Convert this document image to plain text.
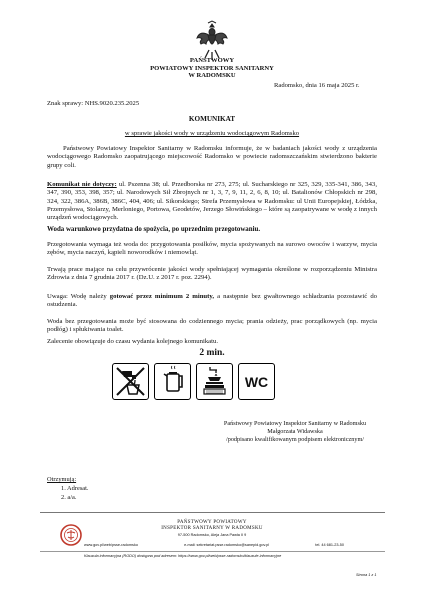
PAŃSTWOWY
POWIATOWY INSPEKTOR SANITARNY
W RADOMSKU
Radomsko, dnia 16 maja 2025 r.
Znak sprawy: NHS.9020.235.2025
KOMUNIKAT
w sprawie jakości wody w urządzeniu wodociągowym Radomsko
Państwowy Powiatowy Inspektor Sanitarny w Radomsku informuje, że w badaniach jakości wody z urządzenia wodociągowego Radomsko zaopatrującego miejscowość Radomsko w powiecie radomszczańskim stwierdzono bakterie grupy coli.
Komunikat nie dotyczy: ul. Pszenna 38; ul. Przedborska nr 273, 275; ul. Sucharskiego nr 325, 329, 335-341, 386, 343, 347, 390, 353, 398, 357; ul. Narodowych Sił Zbrojnych nr 1, 3, 7, 9, 11, 2, 6, 8, 10; ul. Batalionów Chłopskich nr 298, 324, 322, 386A, 386B, 386C, 404, 406; ul. Sikorskiego; Strefa Przemysłowa w Radomsku: ul Unii Europejskiej, Łódzka, Przemysłowa, Stolarzy, Merloniego, Portowa, Geodetów, Jerzego Słowińskiego – które są zaopatrywane w wodę z innych urządzeń wodociągowych.
Woda warunkowo przydatna do spożycia, po uprzednim przegotowaniu.
Przegotowania wymaga też woda do: przygotowania posiłków, mycia spożywanych na surowo owoców i warzyw, mycia zębów, mycia naczyń, kąpieli noworodków i niemowląt.
Trwają prace mające na celu przywrócenie jakości wody spełniającej wymagania określone w rozporządzeniu Ministra Zdrowia z dnia 7 grudnia 2017 r. (Dz.U. z 2017 r. poz. 2294).
Uwaga: Wodę należy gotować przez minimum 2 minuty, a następnie bez gwałtownego schładzania pozostawić do ostudzenia.
Woda bez przegotowania może być stosowana do codziennego mycia; prania odzieży, prac porządkowych (np. mycia podłóg) i spłukiwania toalet.
Zalecenie obowiązuje do czasu wydania kolejnego komunikatu.
2 min.
WC
Państwowy Powiatowy Inspektor Sanitarny w Radomsku
Małgorzata Widawska
/podpisano kwalifikowanym podpisem elektronicznym/
Otrzymują:
1. Adresat.
2. a/a.
PAŃSTWOWY POWIATOWY
INSPEKTOR SANITARNY W RADOMSKU
97-500 Radomsko, Aleja Jana Pawła II 9
www.gov.pl/web/psse-radomsko	e-mail: sekretariat.psse.radomsko@sanepid.gov.pl	tel. 44 681-23-50
Klauzula informacyjna (RODO) dostępna pod adresem: https://www.gov.pl/web/psse-radomsko/klauzule-informacyjne
Strona 1 z 1
